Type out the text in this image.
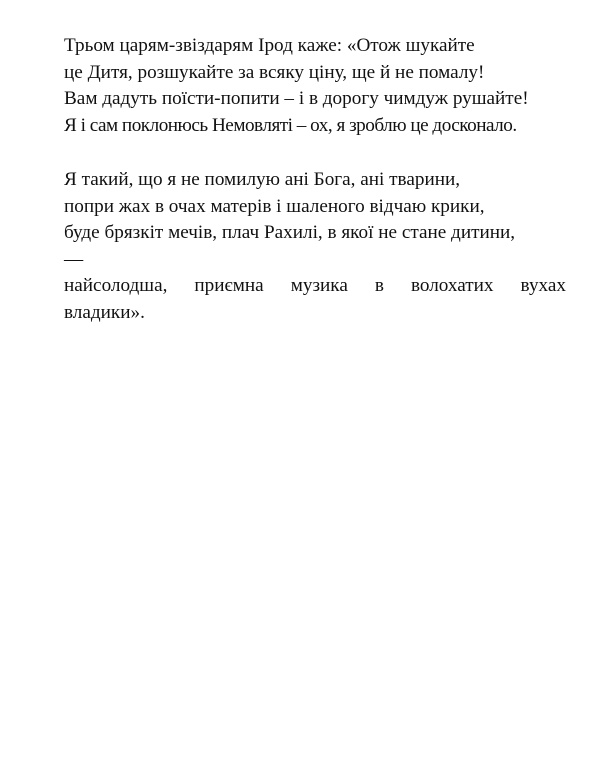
Трьом царям-звіздарям Ірод каже: «Отож шукайте
це Дитя, розшукайте за всяку ціну, ще й не помалу!
Вам дадуть поїсти-попити – і в дорогу чимдуж рушайте!
Я і сам поклонюсь Немовляті – ох, я зроблю це досконало.
Я такий, що я не помилую ані Бога, ані тварини,
попри жах в очах матерів і шаленого відчаю крики,
буде брязкіт мечів, плач Рахилі, в якої не стане дитини,
—
найсолодша, приємна музика в волохатих вухах
владики».
